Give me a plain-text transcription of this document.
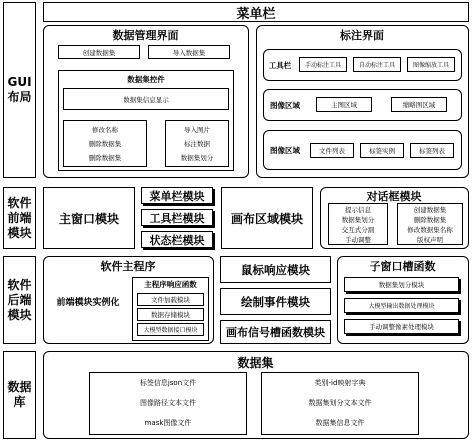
GUI
布局
软件
前端
模块
软件
后端
模块
数据
库
菜单栏
数据管理界面
创建数据集	导入数据集
数据集控件
数据集信息显示
修改名称
删除数据集
删除数据集
导入图片
标注数据
数据集划分
标注界面
工具栏	手动标注工具	自动标注工具	图像缩放工具
图像区域	主图区域	缩略图区域
图像区域	文件列表	标签实例	标签列表
主窗口模块
菜单栏模块
工具栏模块
状态栏模块
画布区域模块
对话框模块
提示信息
数据集划分
交互式分割
手动调整
创建数据集
删除数据集
修改数据集名称
版权声明
软件主程序
前端模块实例化
主程序响应函数
文件加载模块
数据存储模块
大模型数据接口模块
鼠标响应模块
绘制事件模块
画布信号槽函数模块
子窗口槽函数
数据集划分模块
大模型输出数据处理模块
手动调整像素处理模块
数据集
标签信息json文件
图像路径文本文件
mask图像文件
类别-id映射字典
数据集划分文本文件
数据集信息文件
